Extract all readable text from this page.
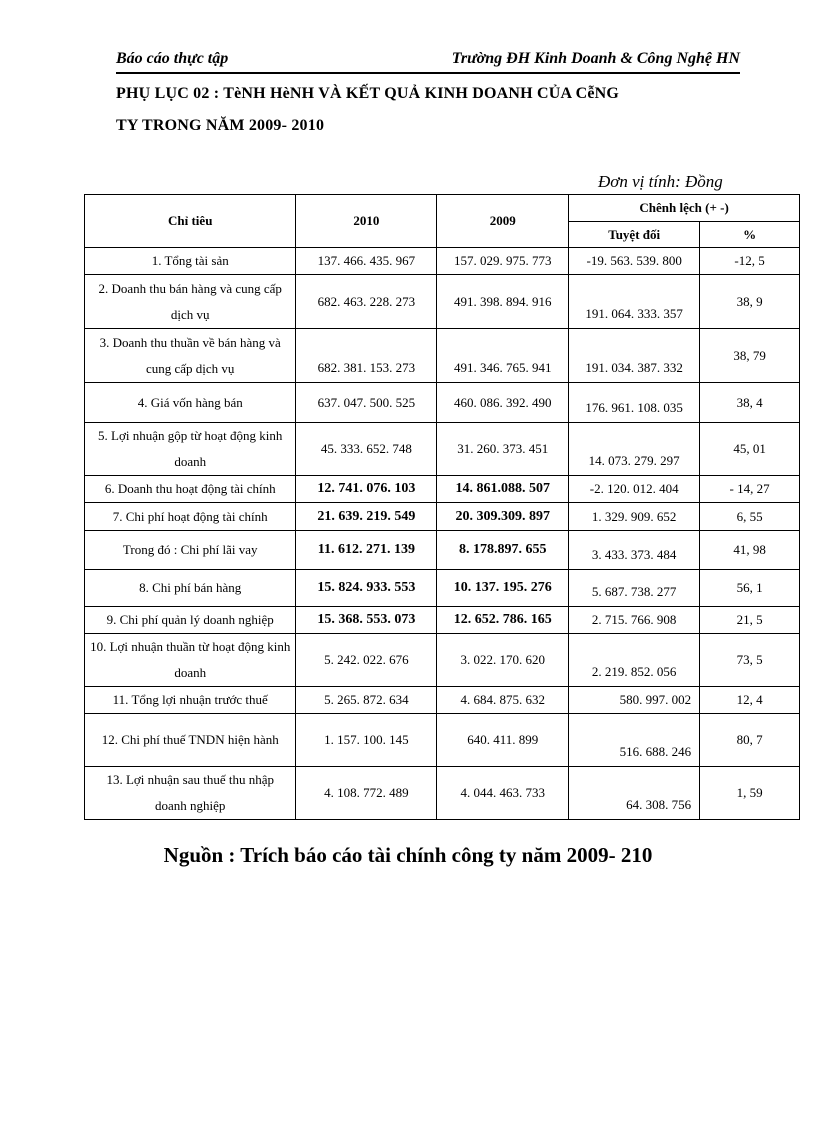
Báo cáo thực tập	Trường ĐH Kinh Doanh & Công Nghệ HN
PHỤ LỤC 02 : TèNH HèNH VÀ KẾT QUẢ KINH DOANH CỦA CễNG
TY TRONG NĂM 2009- 2010
Đơn vị tính: Đồng
Chỉ tiêu	2010	2009	Chênh lệch (+ -)	
			Tuyệt đối	%
1. Tổng tài sản	137. 466. 435. 967	157. 029. 975. 773	-19. 563. 539. 800	-12, 5
2. Doanh thu bán hàng và cung cấp dịch vụ	682. 463. 228. 273	491. 398. 894. 916	191. 064. 333. 357	38, 9
3. Doanh thu thuần về bán hàng và cung cấp dịch vụ	682. 381. 153. 273	491. 346. 765. 941	191. 034. 387. 332	38, 79
4. Giá vốn hàng bán	637. 047. 500. 525	460. 086. 392. 490	176. 961. 108. 035	38, 4
5. Lợi nhuận gộp từ hoạt động kinh doanh	45. 333. 652. 748	31. 260. 373. 451	14. 073. 279. 297	45, 01
6. Doanh thu hoạt động tài chính	12. 741. 076. 103	14. 861.088. 507	-2. 120. 012. 404	- 14, 27
7. Chi phí hoạt động tài chính	21. 639. 219. 549	20. 309.309. 897	1. 329. 909. 652	6, 55
Trong đó : Chi phí lãi vay	11. 612. 271. 139	8. 178.897. 655	3. 433. 373. 484	41, 98
8. Chi phí bán hàng	15. 824. 933. 553	10. 137. 195. 276	5. 687. 738. 277	56, 1
9. Chi phí quản lý doanh nghiệp	15. 368. 553. 073	12. 652. 786. 165	2. 715. 766. 908	21, 5
10. Lợi nhuận thuần từ hoạt động kinh doanh	5. 242. 022. 676	3. 022. 170. 620	2. 219. 852. 056	73, 5
11. Tổng lợi nhuận trước thuế	5. 265. 872. 634	4. 684. 875. 632	580. 997. 002	12, 4
12. Chi phí thuế TNDN hiện hành	1. 157. 100. 145	640. 411. 899	516. 688. 246	80, 7
13. Lợi nhuận sau thuế thu nhập doanh nghiệp	4. 108. 772. 489	4. 044. 463. 733	64. 308. 756	1, 59
Nguồn : Trích báo cáo tài chính công ty năm 2009- 210
